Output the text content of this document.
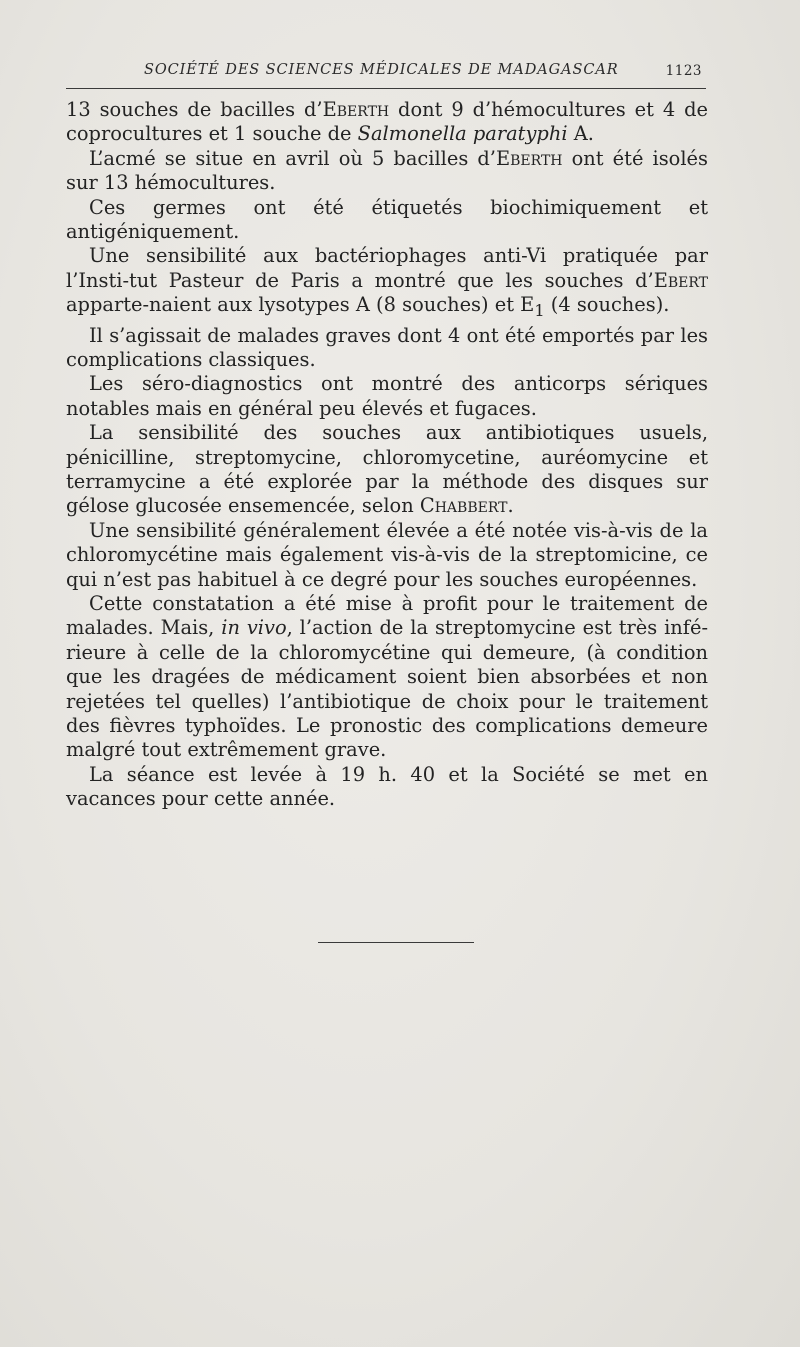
SOCIÉTÉ DES SCIENCES MÉDICALES DE MADAGASCAR	1123

13 souches de bacilles d’Eberth dont 9 d’hémocultures et 4 de coprocultures et 1 souche de Salmonella paratyphi A.

L’acmé se situe en avril où 5 bacilles d’Eberth ont été isolés sur 13 hémocultures.

Ces germes ont été étiquetés biochimiquement et antigéniquement.

Une sensibilité aux bactériophages anti-Vi pratiquée par l’Insti-tut Pasteur de Paris a montré que les souches d’Ebert apparte-naient aux lysotypes A (8 souches) et $E_1$ (4 souches).

Il s’agissait de malades graves dont 4 ont été emportés par les complications classiques.

Les séro-diagnostics ont montré des anticorps sériques notables mais en général peu élevés et fugaces.

La sensibilité des souches aux antibiotiques usuels, pénicilline, streptomycine, chloromycetine, auréomycine et terramycine a été explorée par la méthode des disques sur gélose glucosée ensemencée, selon Chabbert.

Une sensibilité généralement élevée a été notée vis-à-vis de la chloromycétine mais également vis-à-vis de la streptomicine, ce qui n’est pas habituel à ce degré pour les souches européennes.

Cette constatation a été mise à profit pour le traitement de malades. Mais, in vivo, l’action de la streptomycine est très infé-rieure à celle de la chloromycétine qui demeure, (à condition que les dragées de médicament soient bien absorbées et non rejetées tel quelles) l’antibiotique de choix pour le traitement des fièvres typhoïdes. Le pronostic des complications demeure malgré tout extrêmement grave.

La séance est levée à 19 h. 40 et la Société se met en vacances pour cette année.
